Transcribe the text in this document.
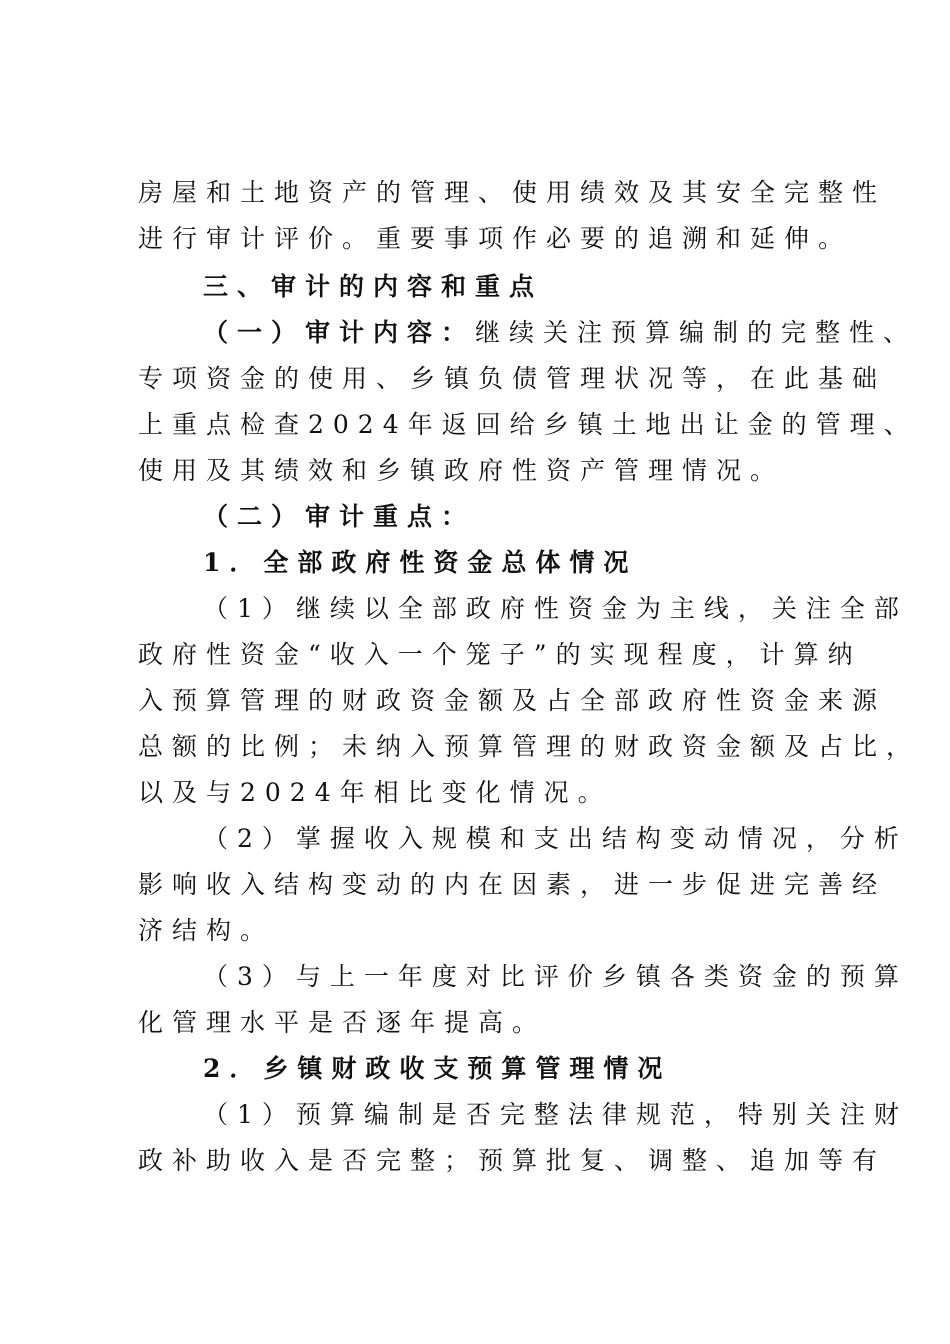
房屋和土地资产的管理、使用绩效及其安全完整性
进行审计评价。重要事项作必要的追溯和延伸。
三、审计的内容和重点
（一）审计内容：继续关注预算编制的完整性、
专项资金的使用、乡镇负债管理状况等，在此基础
上重点检查2024年返回给乡镇土地出让金的管理、
使用及其绩效和乡镇政府性资产管理情况。
（二）审计重点：
1．全部政府性资金总体情况
（1）继续以全部政府性资金为主线，关注全部
政府性资金“收入一个笼子”的实现程度，计算纳
入预算管理的财政资金额及占全部政府性资金来源
总额的比例；未纳入预算管理的财政资金额及占比，
以及与2024年相比变化情况。
（2）掌握收入规模和支出结构变动情况，分析
影响收入结构变动的内在因素，进一步促进完善经
济结构。
（3）与上一年度对比评价乡镇各类资金的预算
化管理水平是否逐年提高。
2．乡镇财政收支预算管理情况
（1）预算编制是否完整法律规范，特别关注财
政补助收入是否完整；预算批复、调整、追加等有
